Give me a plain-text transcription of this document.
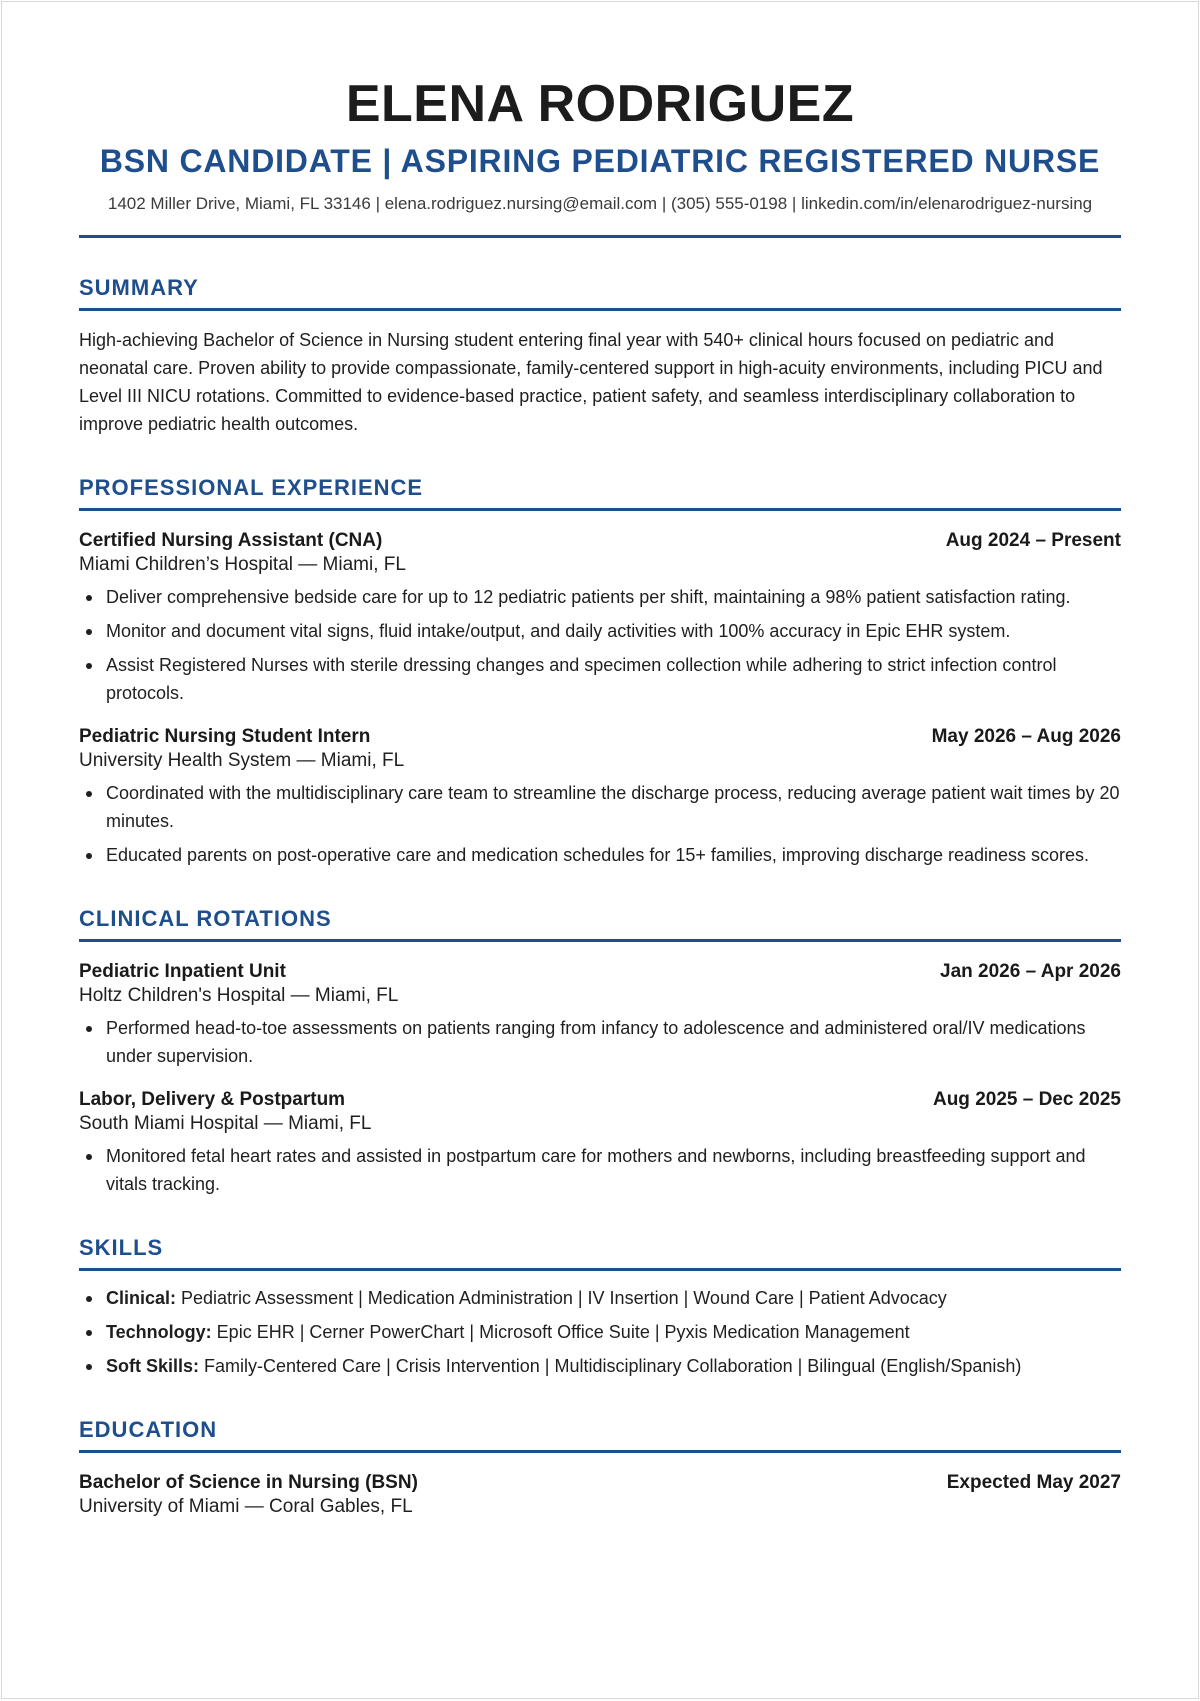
ELENA RODRIGUEZ
BSN CANDIDATE | ASPIRING PEDIATRIC REGISTERED NURSE
1402 Miller Drive, Miami, FL 33146 | elena.rodriguez.nursing@email.com | (305) 555-0198 | linkedin.com/in/elenarodriguez-nursing
SUMMARY
High-achieving Bachelor of Science in Nursing student entering final year with 540+ clinical hours focused on pediatric and neonatal care. Proven ability to provide compassionate, family-centered support in high-acuity environments, including PICU and Level III NICU rotations. Committed to evidence-based practice, patient safety, and seamless interdisciplinary collaboration to improve pediatric health outcomes.
PROFESSIONAL EXPERIENCE
Certified Nursing Assistant (CNA)	Aug 2024 – Present
Miami Children’s Hospital — Miami, FL
Deliver comprehensive bedside care for up to 12 pediatric patients per shift, maintaining a 98% patient satisfaction rating.
Monitor and document vital signs, fluid intake/output, and daily activities with 100% accuracy in Epic EHR system.
Assist Registered Nurses with sterile dressing changes and specimen collection while adhering to strict infection control protocols.
Pediatric Nursing Student Intern	May 2026 – Aug 2026
University Health System — Miami, FL
Coordinated with the multidisciplinary care team to streamline the discharge process, reducing average patient wait times by 20 minutes.
Educated parents on post-operative care and medication schedules for 15+ families, improving discharge readiness scores.
CLINICAL ROTATIONS
Pediatric Inpatient Unit	Jan 2026 – Apr 2026
Holtz Children's Hospital — Miami, FL
Performed head-to-toe assessments on patients ranging from infancy to adolescence and administered oral/IV medications under supervision.
Labor, Delivery & Postpartum	Aug 2025 – Dec 2025
South Miami Hospital — Miami, FL
Monitored fetal heart rates and assisted in postpartum care for mothers and newborns, including breastfeeding support and vitals tracking.
SKILLS
Clinical: Pediatric Assessment | Medication Administration | IV Insertion | Wound Care | Patient Advocacy
Technology: Epic EHR | Cerner PowerChart | Microsoft Office Suite | Pyxis Medication Management
Soft Skills: Family-Centered Care | Crisis Intervention | Multidisciplinary Collaboration | Bilingual (English/Spanish)
EDUCATION
Bachelor of Science in Nursing (BSN)	Expected May 2027
University of Miami — Coral Gables, FL
